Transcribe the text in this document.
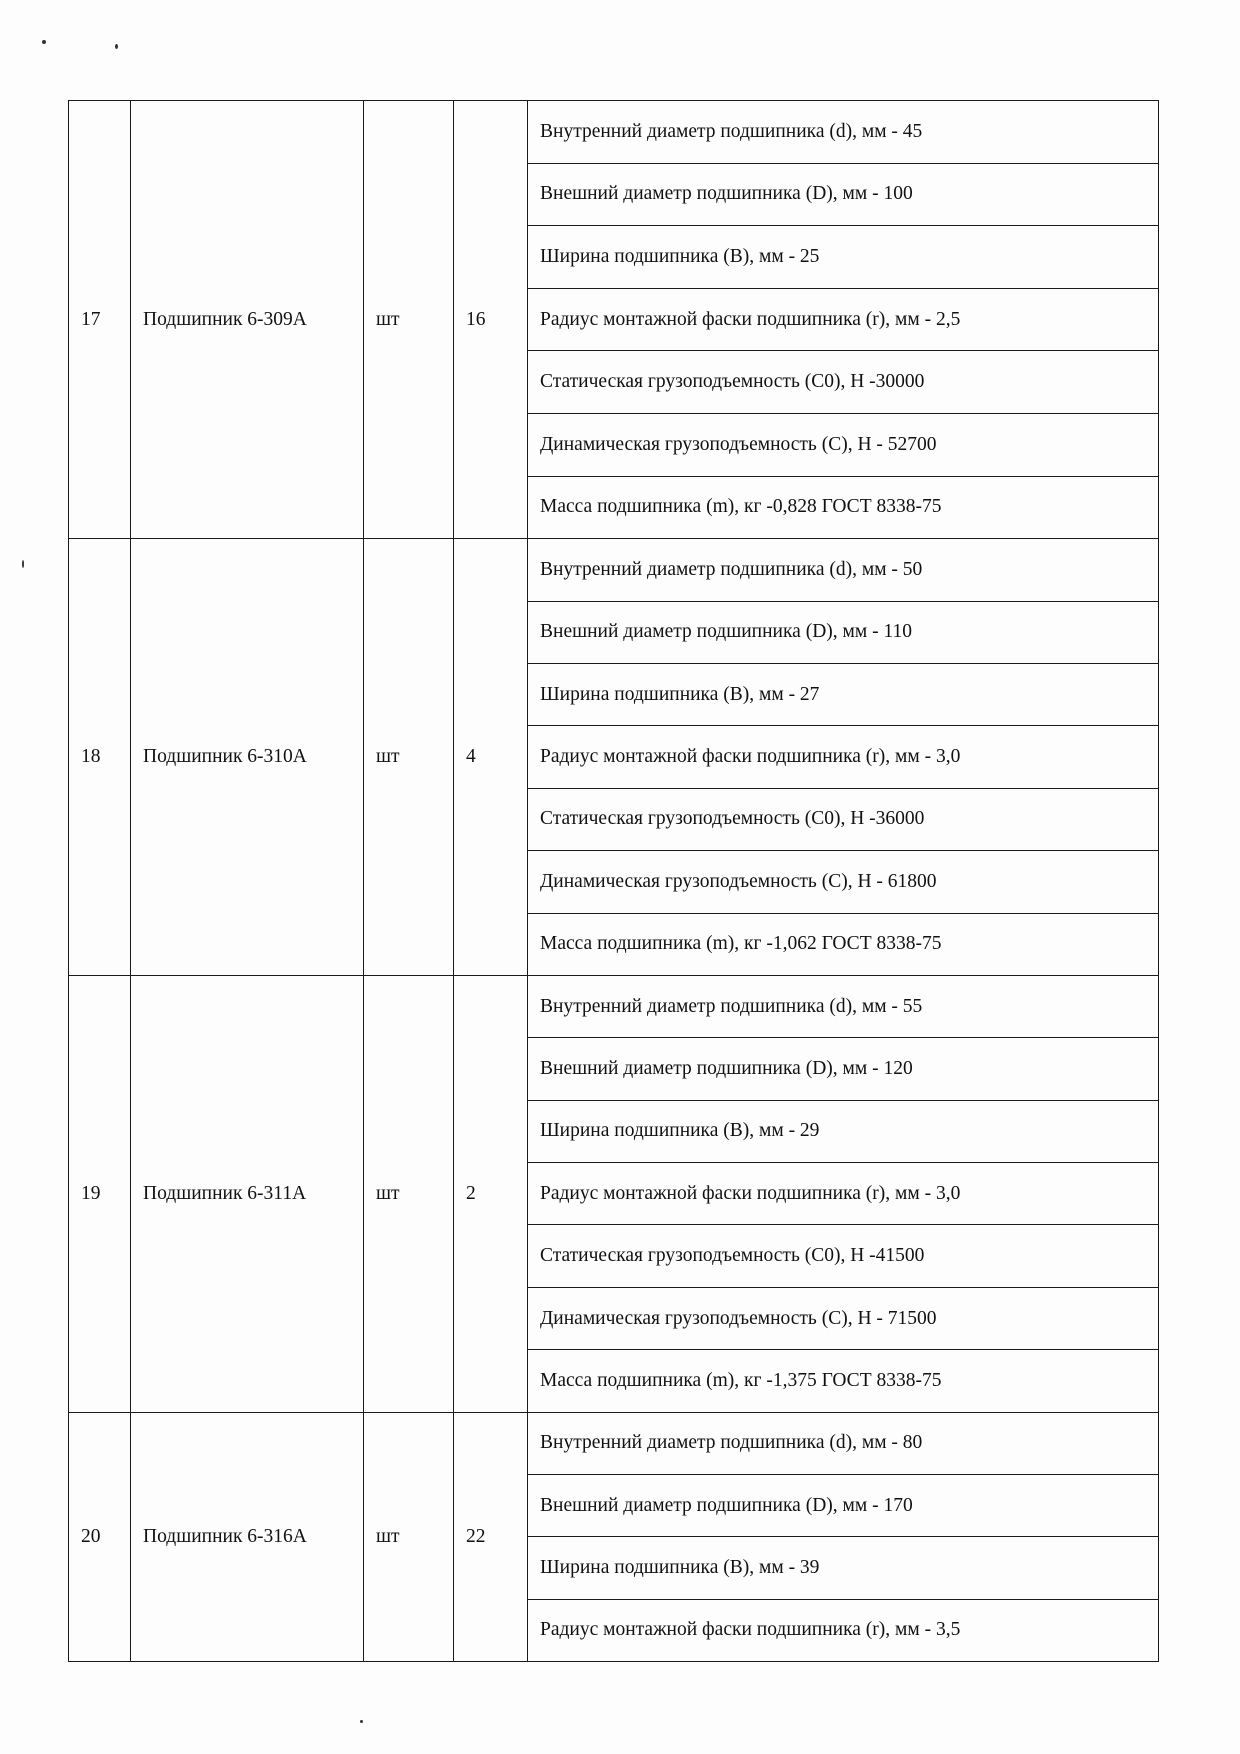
17	Подшипник 6-309А	шт	16	Внутренний диаметр подшипника (d), мм - 45
				Внешний диаметр подшипника (D), мм - 100
				Ширина подшипника (В), мм - 25
				Радиус монтажной фаски подшипника (r), мм - 2,5
				Статическая грузоподъемность (С0), Н -30000
				Динамическая грузоподъемность (С), Н - 52700
				Масса подшипника (m), кг -0,828 ГОСТ 8338-75
18	Подшипник 6-310А	шт	4	Внутренний диаметр подшипника (d), мм - 50
				Внешний диаметр подшипника (D), мм - 110
				Ширина подшипника (В), мм - 27
				Радиус монтажной фаски подшипника (r), мм - 3,0
				Статическая грузоподъемность (С0), Н -36000
				Динамическая грузоподъемность (С), Н - 61800
				Масса подшипника (m), кг -1,062 ГОСТ 8338-75
19	Подшипник 6-311А	шт	2	Внутренний диаметр подшипника (d), мм - 55
				Внешний диаметр подшипника (D), мм - 120
				Ширина подшипника (В), мм - 29
				Радиус монтажной фаски подшипника (r), мм - 3,0
				Статическая грузоподъемность (С0), Н -41500
				Динамическая грузоподъемность (С), Н - 71500
				Масса подшипника (m), кг -1,375 ГОСТ 8338-75
20	Подшипник 6-316А	шт	22	Внутренний диаметр подшипника (d), мм - 80
				Внешний диаметр подшипника (D), мм - 170
				Ширина подшипника (В), мм - 39
				Радиус монтажной фаски подшипника (r), мм - 3,5
